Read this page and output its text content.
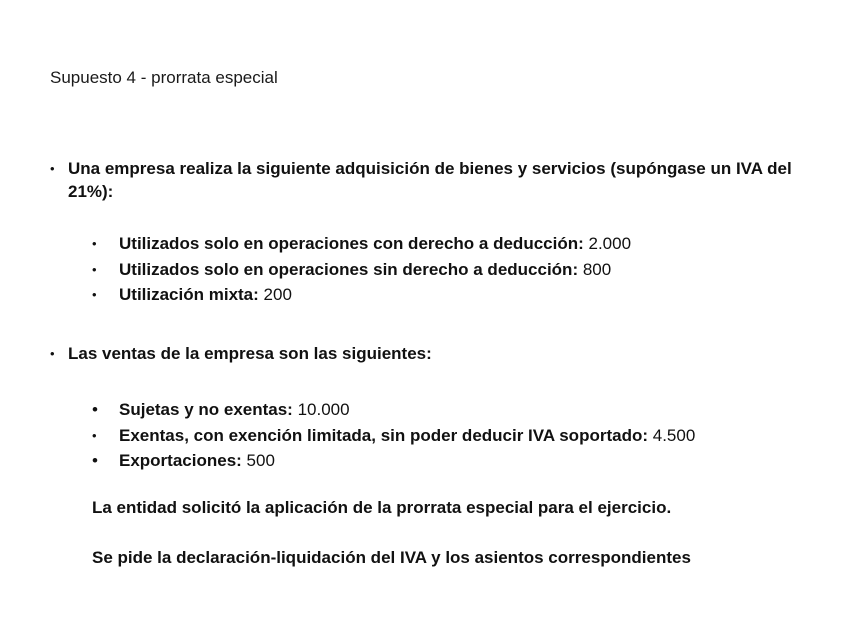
Supuesto 4 - prorrata especial
• Una empresa realiza la siguiente adquisición de bienes y servicios (supóngase un IVA del 21%):
• Utilizados solo en operaciones con derecho a deducción: 2.000
• Utilizados solo en operaciones sin derecho a deducción: 800
• Utilización mixta: 200
• Las ventas de la empresa son las siguientes:
• Sujetas y no exentas: 10.000
• Exentas, con exención limitada, sin poder deducir IVA soportado: 4.500
• Exportaciones: 500
La entidad solicitó la aplicación de la prorrata especial para el ejercicio.
Se pide la declaración-liquidación del IVA y los asientos correspondientes
